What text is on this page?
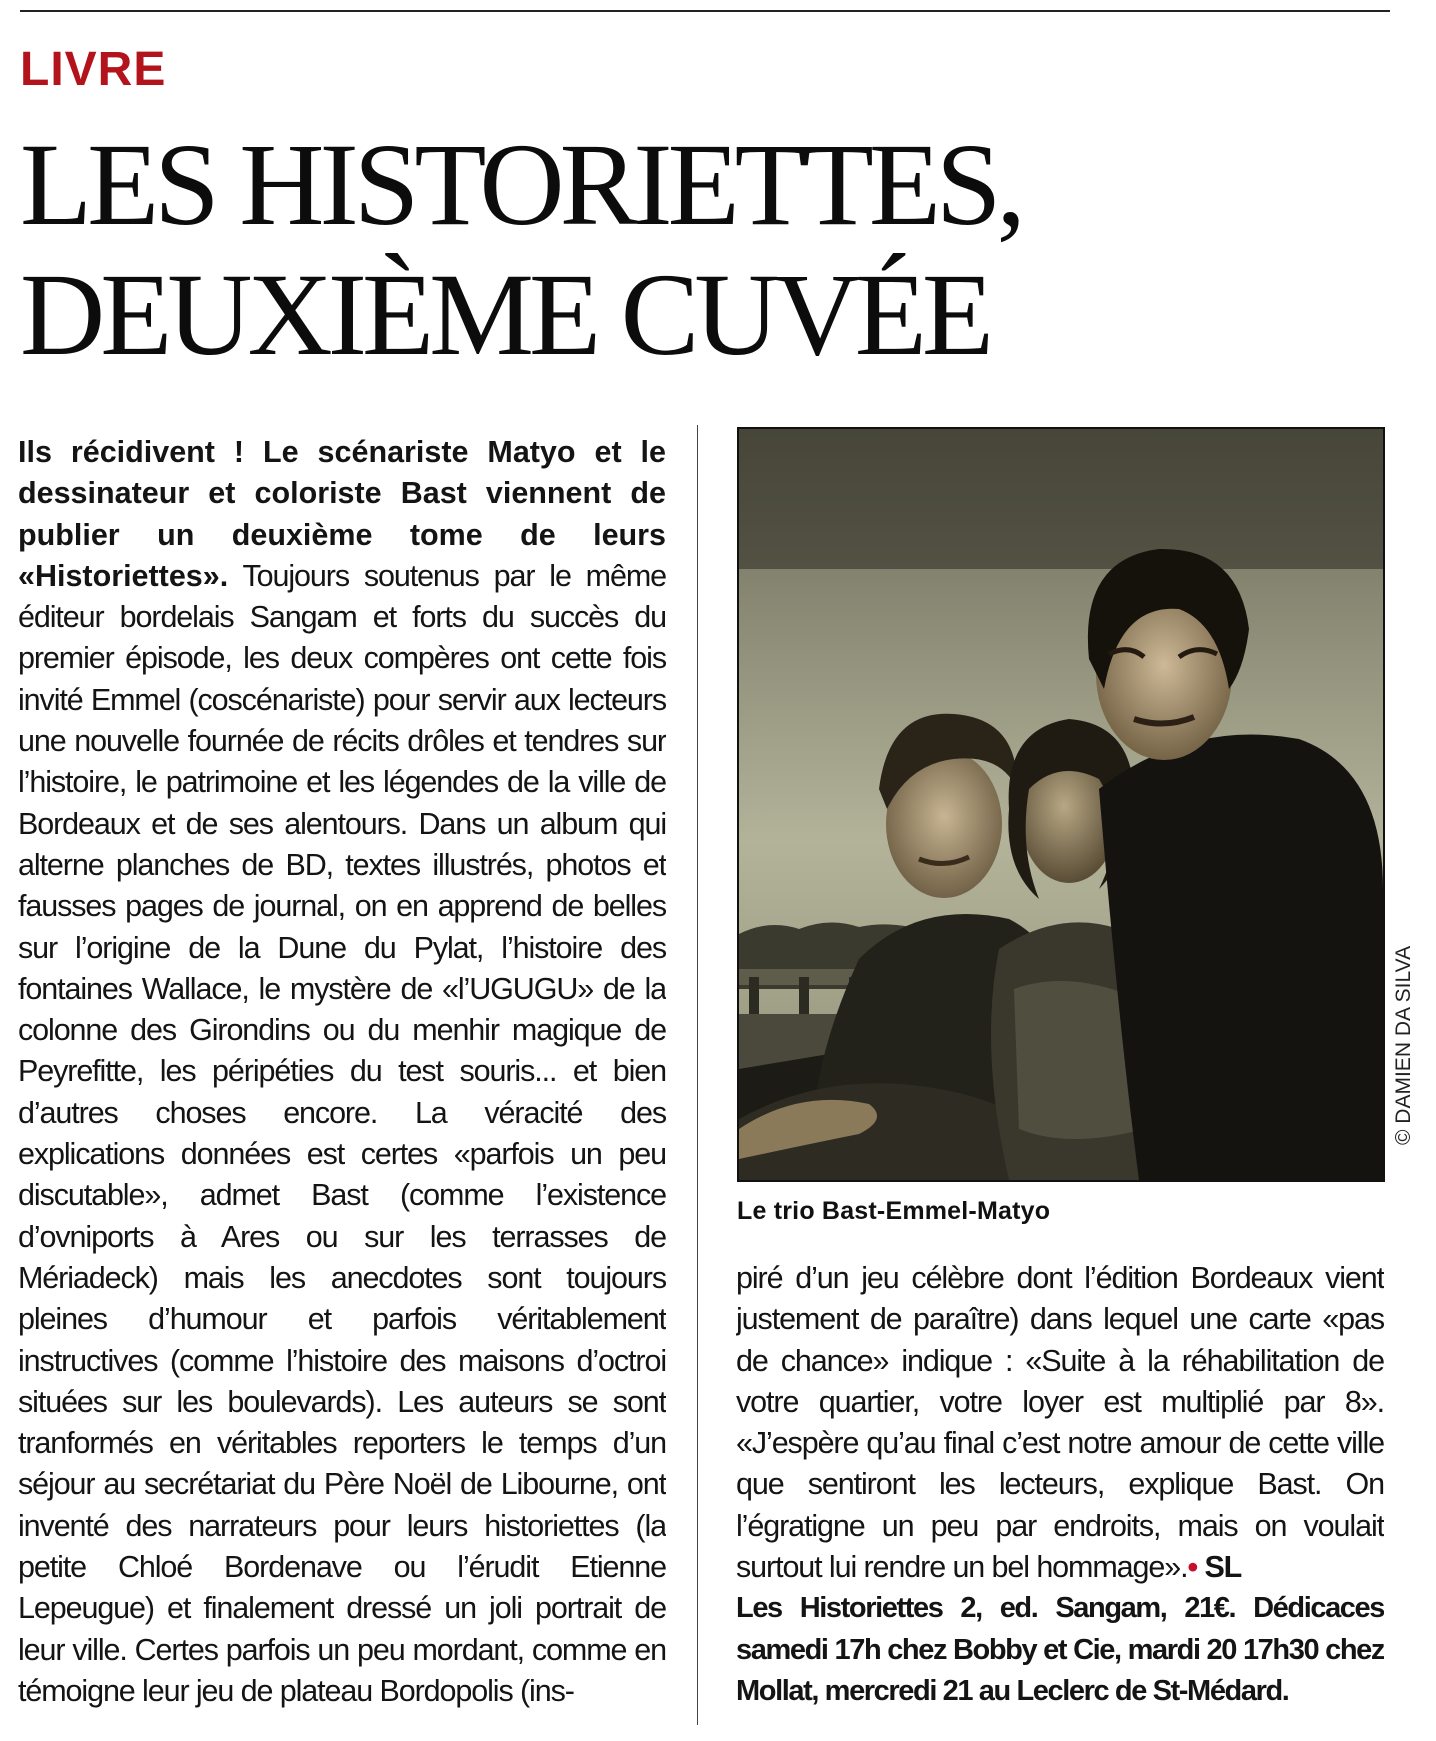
LIVRE
LES HISTORIETTES,
DEUXIÈME CUVÉE
Ils récidivent ! Le scénariste Matyo et le dessinateur et coloriste Bast viennent de publier un deuxième tome de leurs «Historiettes». Toujours soutenus par le même éditeur bordelais Sangam et forts du succès du premier épisode, les deux compères ont cette fois invité Emmel (coscénariste) pour servir aux lecteurs une nouvelle fournée de récits drôles et tendres sur l’histoire, le patrimoine et les légendes de la ville de Bordeaux et de ses alentours. Dans un album qui alterne planches de BD, textes illustrés, photos et fausses pages de journal, on en apprend de belles sur l’origine de la Dune du Pylat, l’histoire des fontaines Wallace, le mystère de «l’UGUGU» de la colonne des Girondins ou du menhir magique de Peyrefitte, les péripéties du test souris... et bien d’autres choses encore. La véracité des explications données est certes «parfois un peu discutable», admet Bast (comme l’existence d’ovniports à Ares ou sur les terrasses de Mériadeck) mais les anecdotes sont toujours pleines d’humour et parfois véritablement instructives (comme l’histoire des maisons d’octroi situées sur les boulevards). Les auteurs se sont tranformés en véritables reporters le temps d’un séjour au secrétariat du Père Noël de Libourne, ont inventé des narrateurs pour leurs historiettes (la petite Chloé Bordenave ou l’érudit Etienne Lepeugue) et finalement dressé un joli portrait de leur ville. Certes parfois un peu mordant, comme en témoigne leur jeu de plateau Bordopolis (ins-
© DAMIEN DA SILVA
Le trio Bast-Emmel-Matyo
piré d’un jeu célèbre dont l’édition Bordeaux vient justement de paraître) dans lequel une carte «pas de chance» indique : «Suite à la réhabilitation de votre quartier, votre loyer est multiplié par 8». «J’espère qu’au final c’est notre amour de cette ville que sentiront les lecteurs, explique Bast. On l’égratigne un peu par endroits, mais on voulait surtout lui rendre un bel hommage».• SL
Les Historiettes 2, ed. Sangam, 21€. Dédicaces samedi 17h chez Bobby et Cie, mardi 20 17h30 chez Mollat, mercredi 21 au Leclerc de St-Médard.
